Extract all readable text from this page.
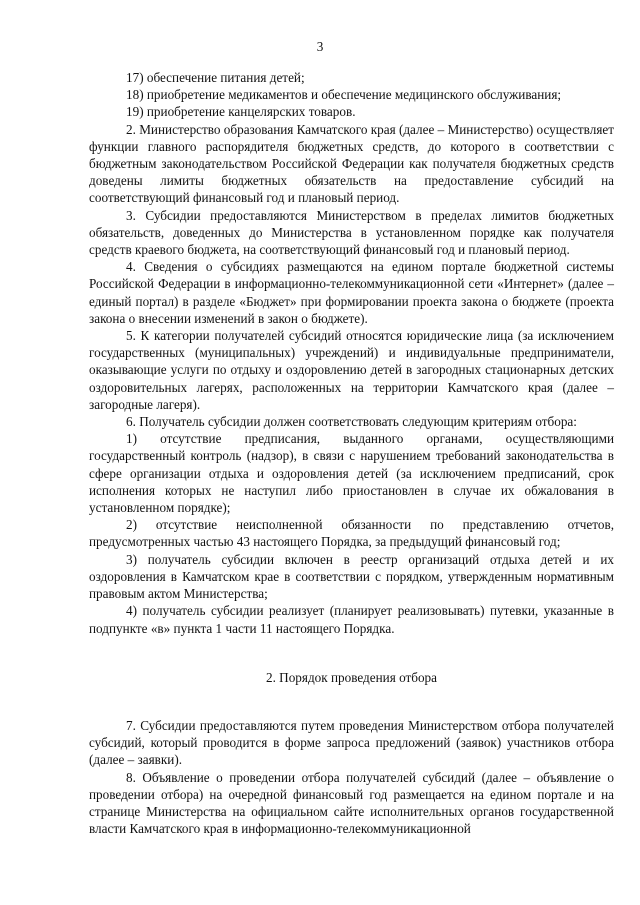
3

17) обеспечение питания детей;

18) приобретение медикаментов и обеспечение медицинского обслуживания;

19) приобретение канцелярских товаров.

2. Министерство образования Камчатского края (далее – Министерство) осуществляет функции главного распорядителя бюджетных средств, до которого в соответствии с бюджетным законодательством Российской Федерации как получателя бюджетных средств доведены лимиты бюджетных обязательств на предоставление субсидий на соответствующий финансовый год и плановый период.

3. Субсидии предоставляются Министерством в пределах лимитов бюджетных обязательств, доведенных до Министерства в установленном порядке как получателя средств краевого бюджета, на соответствующий финансовый год и плановый период.

4. Сведения о субсидиях размещаются на едином портале бюджетной системы Российской Федерации в информационно-телекоммуникационной сети «Интернет» (далее – единый портал) в разделе «Бюджет» при формировании проекта закона о бюджете (проекта закона о внесении изменений в закон о бюджете).

5. К категории получателей субсидий относятся юридические лица (за исключением государственных (муниципальных) учреждений) и индивидуальные предприниматели, оказывающие услуги по отдыху и оздоровлению детей в загородных стационарных детских оздоровительных лагерях, расположенных на территории Камчатского края (далее – загородные лагеря).

6. Получатель субсидии должен соответствовать следующим критериям отбора:

1) отсутствие предписания, выданного органами, осуществляющими государственный контроль (надзор), в связи с нарушением требований законодательства в сфере организации отдыха и оздоровления детей (за исключением предписаний, срок исполнения которых не наступил либо приостановлен в случае их обжалования в установленном порядке);

2) отсутствие неисполненной обязанности по представлению отчетов, предусмотренных частью 43 настоящего Порядка, за предыдущий финансовый год;

3) получатель субсидии включен в реестр организаций отдыха детей и их оздоровления в Камчатском крае в соответствии с порядком, утвержденным нормативным правовым актом Министерства;

4) получатель субсидии реализует (планирует реализовывать) путевки, указанные в подпункте «в» пункта 1 части 11 настоящего Порядка.

2. Порядок проведения отбора

7. Субсидии предоставляются путем проведения Министерством отбора получателей субсидий, который проводится в форме запроса предложений (заявок) участников отбора (далее – заявки).

8. Объявление о проведении отбора получателей субсидий (далее – объявление о проведении отбора) на очередной финансовый год размещается на едином портале и на странице Министерства на официальном сайте исполнительных органов государственной власти Камчатского края в информационно-телекоммуникационной
